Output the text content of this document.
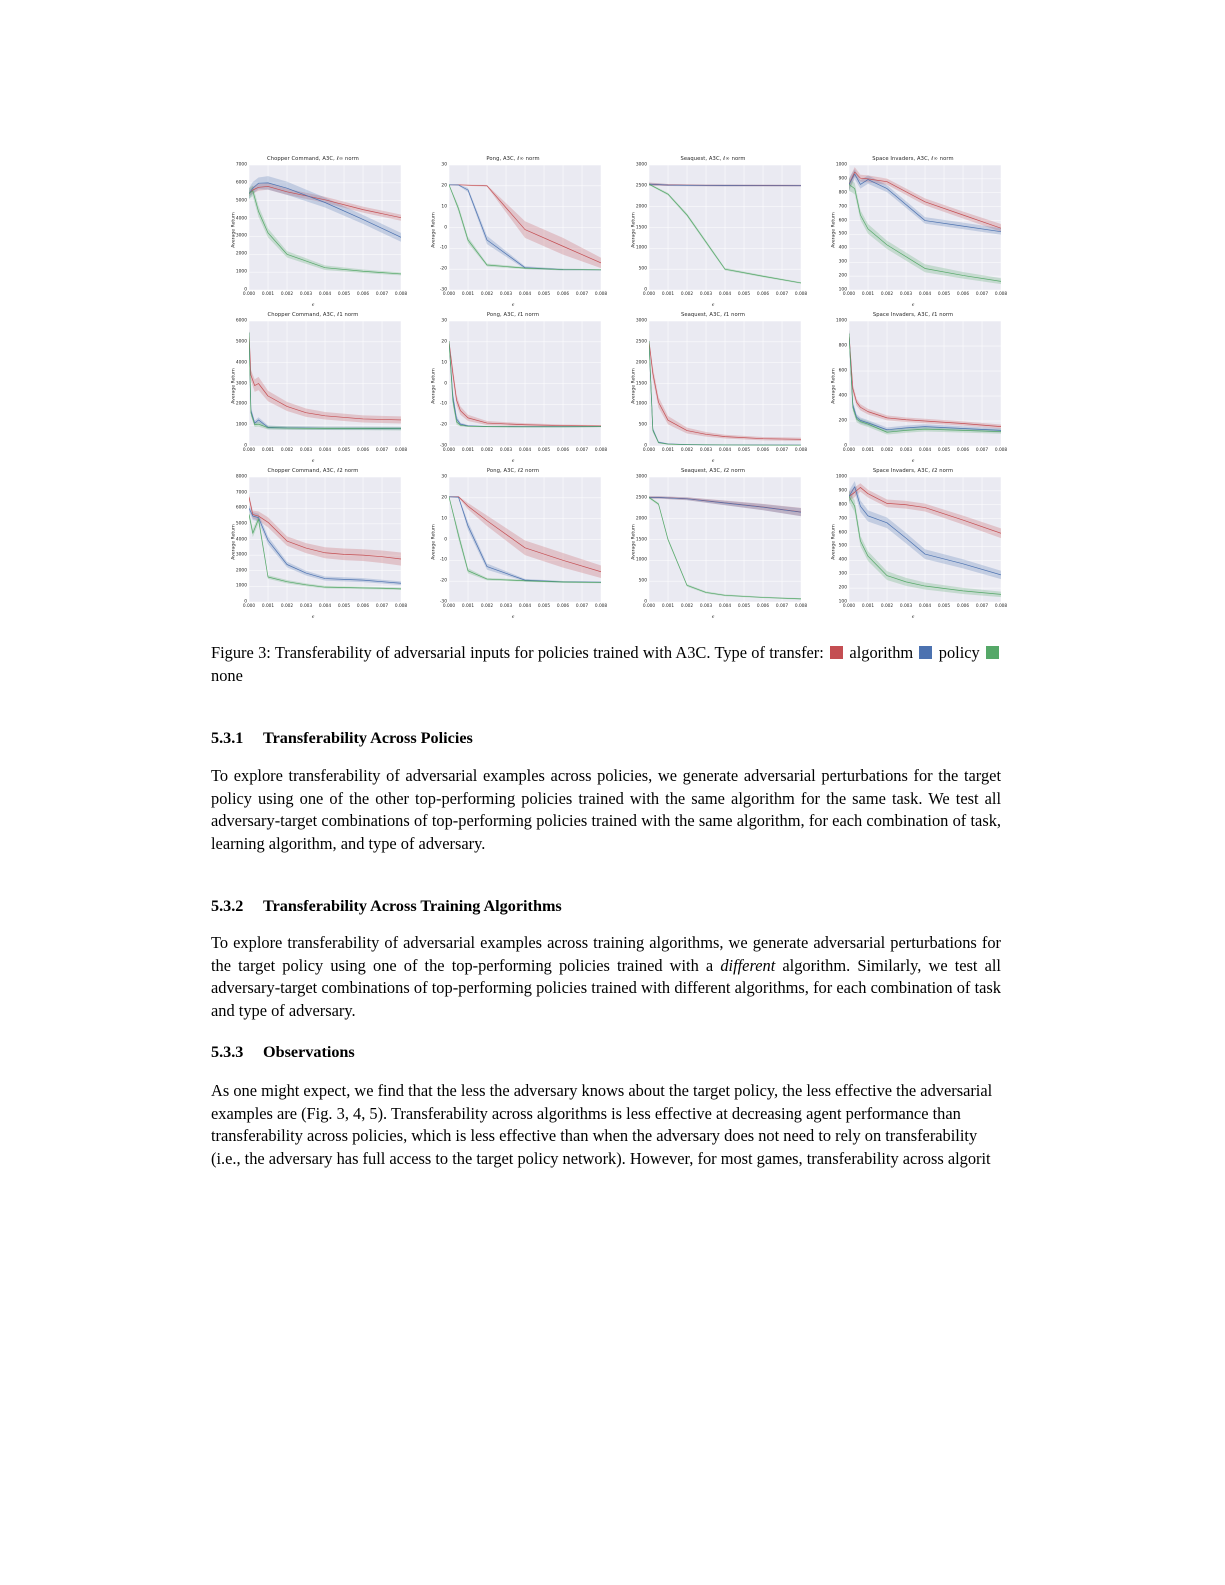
Chopper Command, A3C, ℓ∞ norm
Average Return
ϵ
0
1000
2000
3000
4000
5000
6000
7000
0.000 0.001 0.002 0.003 0.004 0.005 0.006 0.007 0.008
Pong, A3C, ℓ∞ norm
Average Return
ϵ
-30
-20
-10
0
10
20
30
0.000 0.001 0.002 0.003 0.004 0.005 0.006 0.007 0.008
Seaquest, A3C, ℓ∞ norm
Average Return
ϵ
0
500
1000
1500
2000
2500
3000
0.000 0.001 0.002 0.003 0.004 0.005 0.006 0.007 0.008
Space Invaders, A3C, ℓ∞ norm
Average Return
ϵ
100
200
300
400
500
600
700
800
900
1000
0.000 0.001 0.002 0.003 0.004 0.005 0.006 0.007 0.008
Chopper Command, A3C, ℓ1 norm
Average Return
ϵ
0
1000
2000
3000
4000
5000
6000
0.000 0.001 0.002 0.003 0.004 0.005 0.006 0.007 0.008
Pong, A3C, ℓ1 norm
Average Return
ϵ
-30
-20
-10
0
10
20
30
0.000 0.001 0.002 0.003 0.004 0.005 0.006 0.007 0.008
Seaquest, A3C, ℓ1 norm
Average Return
ϵ
0
500
1000
1500
2000
2500
3000
0.000 0.001 0.002 0.003 0.004 0.005 0.006 0.007 0.008
Space Invaders, A3C, ℓ1 norm
Average Return
ϵ
0
200
400
600
800
1000
0.000 0.001 0.002 0.003 0.004 0.005 0.006 0.007 0.008
Chopper Command, A3C, ℓ2 norm
Average Return
ϵ
0
1000
2000
3000
4000
5000
6000
7000
8000
0.000 0.001 0.002 0.003 0.004 0.005 0.006 0.007 0.008
Pong, A3C, ℓ2 norm
Average Return
ϵ
-30
-20
-10
0
10
20
30
0.000 0.001 0.002 0.003 0.004 0.005 0.006 0.007 0.008
Seaquest, A3C, ℓ2 norm
Average Return
ϵ
0
500
1000
1500
2000
2500
3000
0.000 0.001 0.002 0.003 0.004 0.005 0.006 0.007 0.008
Space Invaders, A3C, ℓ2 norm
Average Return
ϵ
100
200
300
400
500
600
700
800
900
1000
0.000 0.001 0.002 0.003 0.004 0.005 0.006 0.007 0.008
Figure 3: Transferability of adversarial inputs for policies trained with A3C. Type of transfer: algorithm policy  none
5.3.1 Transferability Across Policies
To explore transferability of adversarial examples across policies, we generate adversarial perturbations for the target policy using one of the other top-performing policies trained with the same algorithm for the same task. We test all adversary-target combinations of top-performing policies trained with the same algorithm, for each combination of task, learning algorithm, and type of adversary.
5.3.2 Transferability Across Training Algorithms
To explore transferability of adversarial examples across training algorithms, we generate adversarial perturbations for the target policy using one of the top-performing policies trained with a different algorithm. Similarly, we test all adversary-target combinations of top-performing policies trained with different algorithms, for each combination of task and type of adversary.
5.3.3 Observations
As one might expect, we find that the less the adversary knows about the target policy, the less effective the adversarial examples are (Fig. 3, 4, 5). Transferability across algorithms is less effective at decreasing agent performance than transferability across policies, which is less effective than when the adversary does not need to rely on transferability (i.e., the adversary has full access to the target policy network). However, for most games, transferability across algorit
